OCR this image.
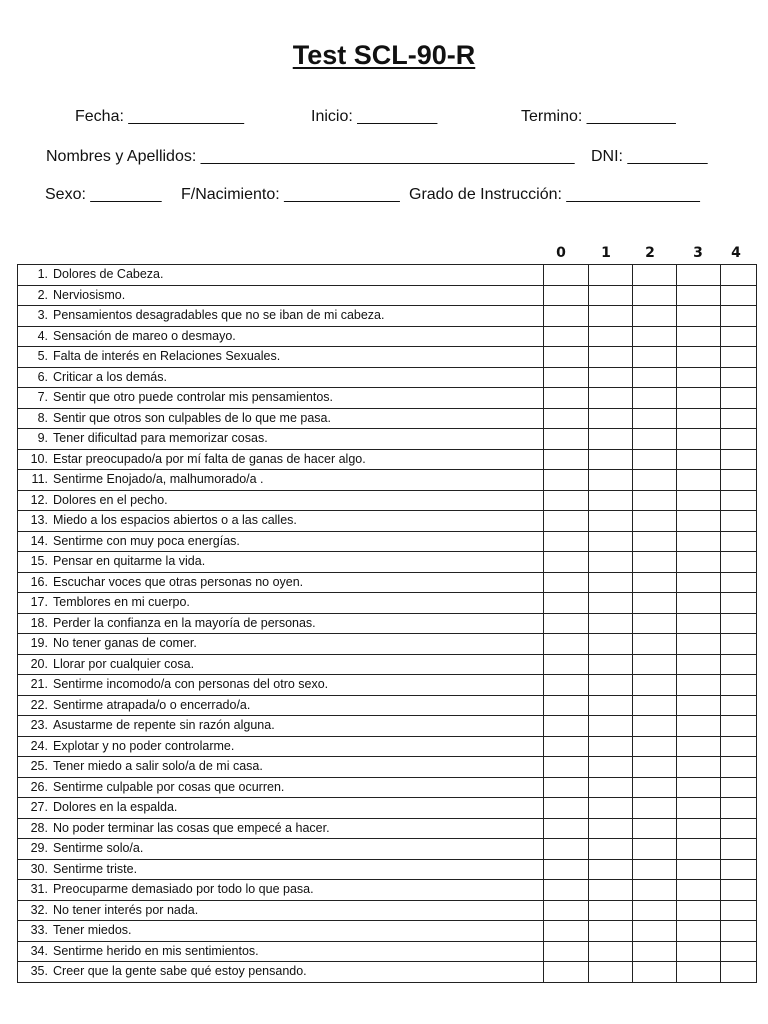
Test SCL-90-R
Fecha: _____________	Inicio: _________	Termino: __________
Nombres y Apellidos: __________________________________________ DNI: _________
Sexo: ________ F/Nacimiento: _____________ Grado de Instrucción: _______________
0	1	2	3	4
1. Dolores de Cabeza.					
2. Nerviosismo.					
3. Pensamientos desagradables que no se iban de mi cabeza.					
4. Sensación de mareo o desmayo.					
5. Falta de interés en Relaciones Sexuales.					
6. Criticar a los demás.					
7. Sentir que otro puede controlar mis pensamientos.					
8. Sentir que otros son culpables de lo que me pasa.					
9. Tener dificultad para memorizar cosas.					
10. Estar preocupado/a por mí falta de ganas de hacer algo.					
11. Sentirme Enojado/a, malhumorado/a .					
12. Dolores en el pecho.					
13. Miedo a los espacios abiertos o a las calles.					
14. Sentirme con muy poca energías.					
15. Pensar en quitarme la vida.					
16. Escuchar voces que otras personas no oyen.					
17. Temblores en mi cuerpo.					
18. Perder la confianza en la mayoría de personas.					
19. No tener ganas de comer.					
20. Llorar por cualquier cosa.					
21. Sentirme incomodo/a con personas del otro sexo.					
22. Sentirme atrapada/o o encerrado/a.					
23. Asustarme de repente sin razón alguna.					
24. Explotar y no poder controlarme.					
25. Tener miedo a salir solo/a de mi casa.					
26. Sentirme culpable por cosas que ocurren.					
27. Dolores en la espalda.					
28. No poder terminar las cosas que empecé a hacer.					
29. Sentirme solo/a.					
30. Sentirme triste.					
31. Preocuparme demasiado por todo lo que pasa.					
32. No tener interés por nada.					
33. Tener miedos.					
34. Sentirme herido en mis sentimientos.					
35. Creer que la gente sabe qué estoy pensando.					
